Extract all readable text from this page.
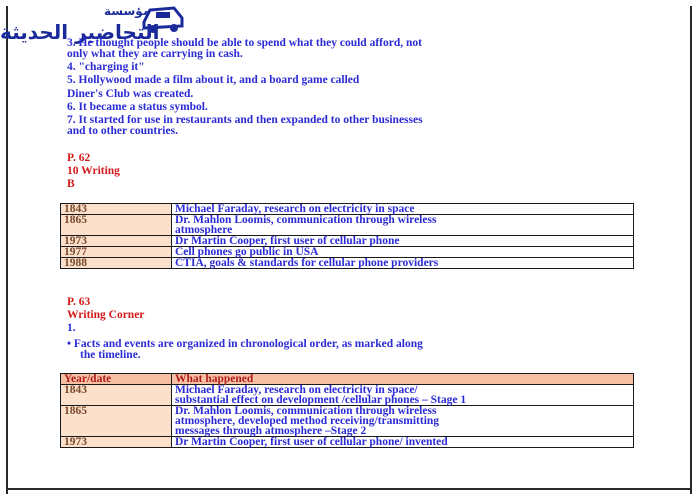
مؤسسة
التحاضير الحديثة
3. He thought people should be able to spend what they could afford, not
only what they are carrying in cash.
4. "charging it"
5. Hollywood made a film about it, and a board game called
Diner's Club was created.
6. It became a status symbol.
7. It started for use in restaurants and then expanded to other businesses
and to other countries.
P. 62
10 Writing
B
1843	Michael Faraday, research on electricity in space

1865	Dr. Mahlon Loomis, communication through wireless
atmosphere

1973	Dr Martin Cooper, first user of cellular phone

1977	Cell phones go public in USA

1988	CTIA, goals & standards for cellular phone providers
P. 63
Writing Corner
1.
• Facts and events are organized in chronological order, as marked along
the timeline.
Year/date	What happened
1843	Michael Faraday, research on electricity in space/
substantial effect on development /cellular phones – Stage 1

1865	Dr. Mahlon Loomis, communication through wireless
atmosphere, developed method receiving/transmitting
messages through atmosphere –Stage 2

1973	Dr Martin Cooper, first user of cellular phone/ invented
